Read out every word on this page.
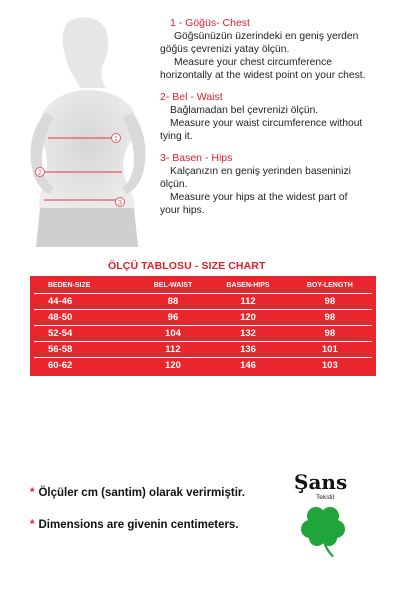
1
2
3
1 - Göğüs- Chest
Göğsünüzün üzerindeki en geniş yerden
göğüs çevrenizi yatay ölçün.
Measure your chest circumference
horizontally at the widest point on your chest.
2- Bel - Waist
Bağlamadan bel çevrenizi ölçün.
Measure your waist circumference without
tying it.
3- Basen - Hips
Kalçanızın en geniş yerinden baseninizi
ölçün.
Measure your hips at the widest part of
your hips.
ÖLÇÜ TABLOSU - SIZE CHART
BEDEN-SIZE	BEL-WAIST	BASEN-HIPS	BOY-LENGTH
44-46	88	112	98
48-50	96	120	98
52-54	104	132	98
56-58	112	136	101
60-62	120	146	103
* Ölçüler cm (santim) olarak verirmiştir.
* Dimensions are givenin centimeters.
Şans
Tekstil
